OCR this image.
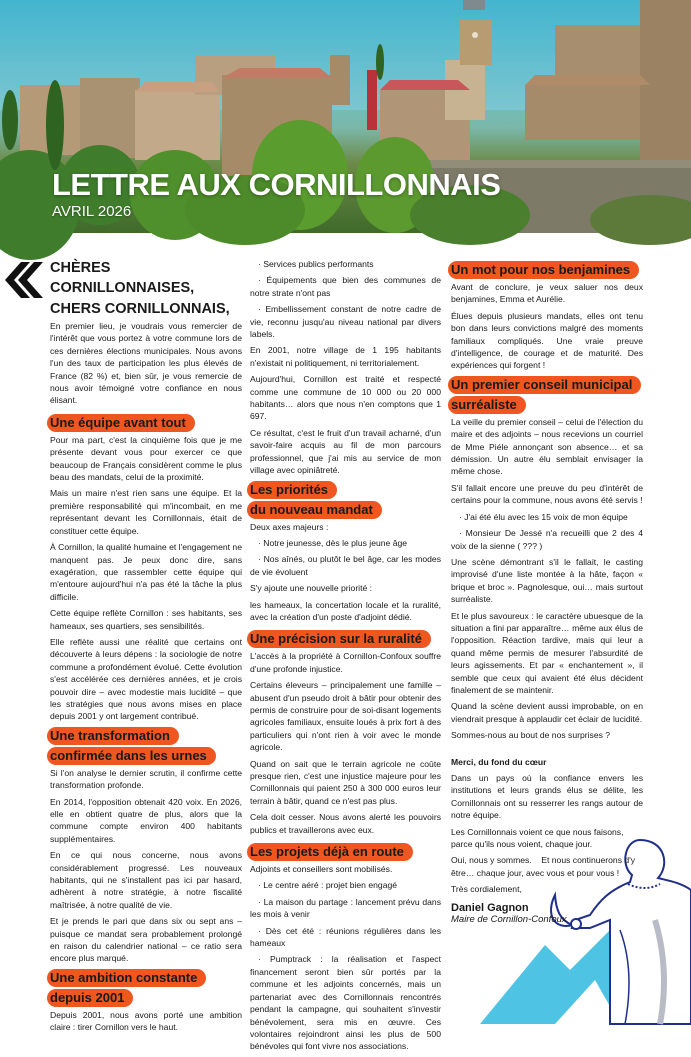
LETTRE AUX CORNILLONNAIS
AVRIL 2026
CHÈRES CORNILLONNAISES,
CHERS CORNILLONNAIS,

En premier lieu, je voudrais vous remercier de l'intérêt que vous portez à votre commune lors de ces dernières élections municipales. Nous avons l'un des taux de participation les plus élevés de France (82 %) et, bien sûr, je vous remercie de nous avoir témoigné votre confiance en nous élisant.

Une équipe avant tout

Pour ma part, c'est la cinquième fois que je me présente devant vous pour exercer ce que beaucoup de Français considèrent comme le plus beau des mandats, celui de la proximité.

Mais un maire n'est rien sans une équipe. Et la première responsabilité qui m'incombait, en me représentant devant les Cornillonnais, était de constituer cette équipe.

À Cornillon, la qualité humaine et l'engagement ne manquent pas. Je peux donc dire, sans exagération, que rassembler cette équipe qui m'entoure aujourd'hui n'a pas été la tâche la plus difficile.

Cette équipe reflète Cornillon : ses habitants, ses hameaux, ses quartiers, ses sensibilités.

Elle reflète aussi une réalité que certains ont découverte à leurs dépens : la sociologie de notre commune a profondément évolué. Cette évolution s'est accélérée ces dernières années, et je crois pouvoir dire – avec modestie mais lucidité – que les stratégies que nous avons mises en place depuis 2001 y ont largement contribué.

Une transformation
confirmée dans les urnes

Si l'on analyse le dernier scrutin, il confirme cette transformation profonde.

En 2014, l'opposition obtenait 420 voix. En 2026, elle en obtient quatre de plus, alors que la commune compte environ 400 habitants supplémentaires.

En ce qui nous concerne, nous avons considérablement progressé. Les nouveaux habitants, qui ne s'installent pas ici par hasard, adhèrent à notre stratégie, à notre fiscalité maîtrisée, à notre qualité de vie.

Et je prends le pari que dans six ou sept ans – puisque ce mandat sera probablement prolongé en raison du calendrier national – ce ratio sera encore plus marqué.

Une ambition constante
depuis 2001

Depuis 2001, nous avons porté une ambition claire : tirer Cornillon vers le haut.

· Services publics performants

· Équipements que bien des communes de notre strate n'ont pas

· Embellissement constant de notre cadre de vie, reconnu jusqu'au niveau national par divers labels.

En 2001, notre village de 1 195 habitants n'existait ni politiquement, ni territorialement.

Aujourd'hui, Cornillon est traité et respecté comme une commune de 10 000 ou 20 000 habitants… alors que nous n'en comptons que 1 697.

Ce résultat, c'est le fruit d'un travail acharné, d'un savoir-faire acquis au fil de mon parcours professionnel, que j'ai mis au service de mon village avec opiniâtreté.

Les priorités
du nouveau mandat

Deux axes majeurs :

· Notre jeunesse, dès le plus jeune âge

· Nos aînés, ou plutôt le bel âge, car les modes de vie évoluent

S'y ajoute une nouvelle priorité :

les hameaux, la concertation locale et la ruralité, avec la création d'un poste d'adjoint dédié.

Une précision sur la ruralité

L'accès à la propriété à Cornillon-Confoux souffre d'une profonde injustice.

Certains éleveurs – principalement une famille – abusent d'un pseudo droit à bâtir pour obtenir des permis de construire pour de soi-disant logements agricoles familiaux, ensuite loués à prix fort à des particuliers qui n'ont rien à voir avec le monde agricole.

Quand on sait que le terrain agricole ne coûte presque rien, c'est une injustice majeure pour les Cornillonnais qui paient 250 à 300 000 euros leur terrain à bâtir, quand ce n'est pas plus.

Cela doit cesser. Nous avons alerté les pouvoirs publics et travaillerons avec eux.

Les projets déjà en route

Adjoints et conseillers sont mobilisés.

· Le centre aéré : projet bien engagé

· La maison du partage : lancement prévu dans les mois à venir

· Dès cet été : réunions régulières dans les hameaux

· Pumptrack : la réalisation et l'aspect financement seront bien sûr portés par la commune et les adjoints concernés, mais un partenariat avec des Cornillonnais rencontrés pendant la campagne, qui souhaitent s'investir bénévolement, sera mis en œuvre. Ces volontaires rejoindront ainsi les plus de 500 bénévoles qui font vivre nos associations.

Un mot pour nos benjamines

Avant de conclure, je veux saluer nos deux benjamines, Emma et Aurélie.

Élues depuis plusieurs mandats, elles ont tenu bon dans leurs convictions malgré des moments familiaux compliqués. Une vraie preuve d'intelligence, de courage et de maturité. Des expériences qui forgent !

Un premier conseil municipal
surréaliste

La veille du premier conseil – celui de l'élection du maire et des adjoints – nous recevions un courriel de Mme Piéle annonçant son absence… et sa démission. Un autre élu semblait envisager la même chose.

S'il fallait encore une preuve du peu d'intérêt de certains pour la commune, nous avons été servis !

· J'ai été élu avec les 15 voix de mon équipe

· Monsieur De Jessé n'a recueilli que 2 des 4 voix de la sienne ( ??? )

Une scène démontrant s'il le fallait, le casting improvisé d'une liste montée à la hâte, façon « brique et broc ». Pagnolesque, oui… mais surtout surréaliste.

Et le plus savoureux : le caractère ubuesque de la situation a fini par apparaître… même aux élus de l'opposition. Réaction tardive, mais qui leur a quand même permis de mesurer l'absurdité de leurs agissements. Et par « enchantement », il semble que ceux qui avaient été élus décident finalement de se maintenir.

Quand la scène devient aussi improbable, on en viendrait presque à applaudir cet éclair de lucidité.

Sommes-nous au bout de nos surprises ?

Merci, du fond du cœur

Dans un pays où la confiance envers les institutions et leurs grands élus se délite, les Cornillonnais ont su resserrer les rangs autour de notre équipe.

Les Cornillonnais voient ce que nous faisons, parce qu'ils nous voient, chaque jour.

Oui, nous y sommes.    Et nous continuerons d'y être… chaque jour, avec vous et pour vous !

Très cordialement,

Daniel Gagnon
Maire de Cornillon-Confoux
